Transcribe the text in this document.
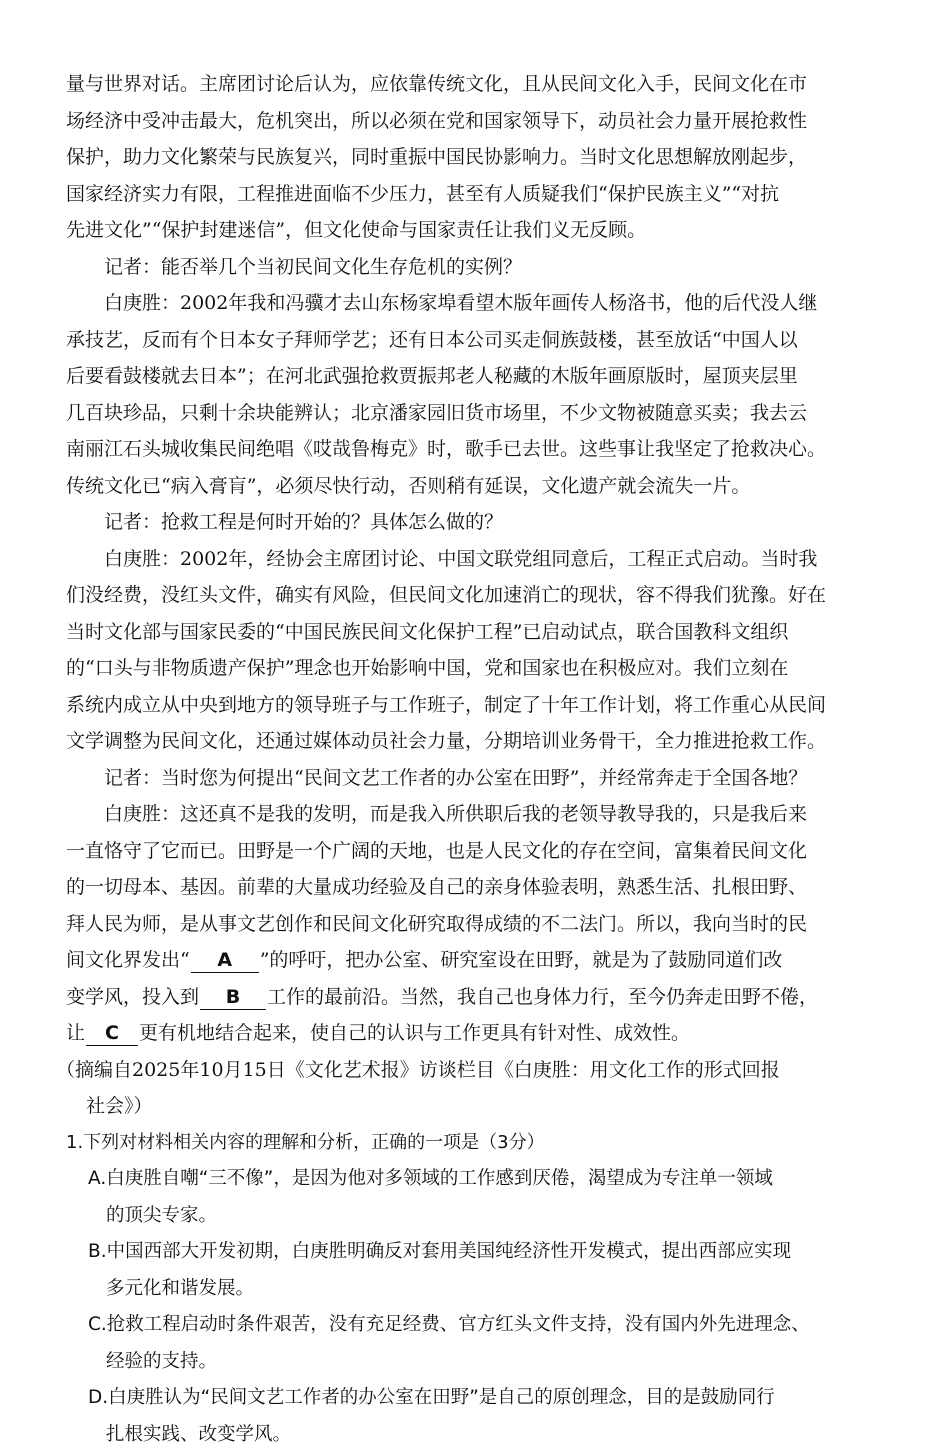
量与世界对话。主席团讨论后认为，应依靠传统文化，且从民间文化入手，民间文化在市
场经济中受冲击最大，危机突出，所以必须在党和国家领导下，动员社会力量开展抢救性
保护，助力文化繁荣与民族复兴，同时重振中国民协影响力。当时文化思想解放刚起步，
国家经济实力有限，工程推进面临不少压力，甚至有人质疑我们“保护民族主义”“对抗
先进文化”“保护封建迷信”，但文化使命与国家责任让我们义无反顾。
记者：能否举几个当初民间文化生存危机的实例？
白庚胜：2002年我和冯骥才去山东杨家埠看望木版年画传人杨洛书，他的后代没人继
承技艺，反而有个日本女子拜师学艺；还有日本公司买走侗族鼓楼，甚至放话“中国人以
后要看鼓楼就去日本”；在河北武强抢救贾振邦老人秘藏的木版年画原版时，屋顶夹层里
几百块珍品，只剩十余块能辨认；北京潘家园旧货市场里，不少文物被随意买卖；我去云
南丽江石头城收集民间绝唱《哎哉鲁梅克》时，歌手已去世。这些事让我坚定了抢救决心。
传统文化已“病入膏肓”，必须尽快行动，否则稍有延误，文化遗产就会流失一片。
记者：抢救工程是何时开始的？具体怎么做的？
白庚胜：2002年，经协会主席团讨论、中国文联党组同意后，工程正式启动。当时我
们没经费，没红头文件，确实有风险，但民间文化加速消亡的现状，容不得我们犹豫。好在
当时文化部与国家民委的“中国民族民间文化保护工程”已启动试点，联合国教科文组织
的“口头与非物质遗产保护”理念也开始影响中国，党和国家也在积极应对。我们立刻在
系统内成立从中央到地方的领导班子与工作班子，制定了十年工作计划，将工作重心从民间
文学调整为民间文化，还通过媒体动员社会力量，分期培训业务骨干，全力推进抢救工作。
记者：当时您为何提出“民间文艺工作者的办公室在田野”，并经常奔走于全国各地？
白庚胜：这还真不是我的发明，而是我入所供职后我的老领导教导我的，只是我后来
一直恪守了它而已。田野是一个广阔的天地，也是人民文化的存在空间，富集着民间文化
的一切母本、基因。前辈的大量成功经验及自己的亲身体验表明，熟悉生活、扎根田野、
拜人民为师，是从事文艺创作和民间文化研究取得成绩的不二法门。所以，我向当时的民
间文化界发出“ A ”的呼吁，把办公室、研究室设在田野，就是为了鼓励同道们改
变学风，投入到 B 工作的最前沿。当然，我自己也身体力行，至今仍奔走田野不倦，
让 C 更有机地结合起来，使自己的认识与工作更具有针对性、成效性。
（摘编自2025年10月15日《文化艺术报》访谈栏目《白庚胜：用文化工作的形式回报
社会》）
1.下列对材料相关内容的理解和分析，正确的一项是（3分）
A.白庚胜自嘲“三不像”，是因为他对多领域的工作感到厌倦，渴望成为专注单一领域
的顶尖专家。
B.中国西部大开发初期，白庚胜明确反对套用美国纯经济性开发模式，提出西部应实现
多元化和谐发展。
C.抢救工程启动时条件艰苦，没有充足经费、官方红头文件支持，没有国内外先进理念、
经验的支持。
D.白庚胜认为“民间文艺工作者的办公室在田野”是自己的原创理念，目的是鼓励同行
扎根实践、改变学风。
